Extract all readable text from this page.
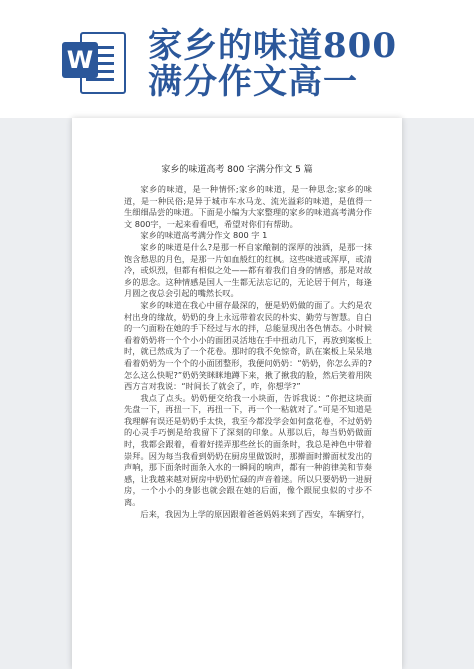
W 家乡的味道800
满分作文高一
家乡的味道高考 800 字满分作文 5 篇

家乡的味道，是一种情怀;家乡的味道，是一种思念;家乡的味道，是一种民俗;是异于城市车水马龙、流光溢彩的味道，是值得一生细细品尝的味道。下面是小编为大家整理的家乡的味道高考满分作文 800字，一起来看看吧，希望对你们有帮助。

家乡的味道高考满分作文 800 字 1

家乡的味道是什么?是那一杯自家酿制的深厚的浊酒，是那一抹饱含愁思的月色，是那一片如血般红的红枫。这些味道或浑厚，或清冷，或炽烈，但都有相似之处——都有着我们自身的情感，那是对故乡的思念。这种情感是国人一生都无法忘记的，无论居于何片，每逢月圆之夜总会引起的嘴然长叹。

家乡的味道在我心中留存最深的，便是奶奶做的面了。大约是农村出身的缘故，奶奶的身上永远带着农民的朴实、勤劳与智慧。自白的一勺面粉在她的手下经过与水的拌，总能显现出各色情态。小时候看着奶奶将一个个小小的面团灵活地在手中扭动几下，再放到案板上时，就已然成为了一个花卷。那时的我不免惊奇，趴在案板上呆呆地看着奶奶为一个个的小面团整形，我便问奶奶：“奶奶，你怎么弄的?怎么这么快呢?”奶奶笑眯眯地蹲下来，揪了揪我的脸，然后笑着用陕西方言对我说：“时间长了就会了，咋，你想学?”

我点了点头。奶奶便交给我一小块面，告诉我说：“你把这块面先盘一下，再扭一下，再扭一下，再一个一粘就对了。”可是不知道是我理解有误还是奶奶手太快，我至今都没学会如何盘花卷，不过奶奶的心灵手巧倒是给我留下了深刻的印象。从那以后，每当奶奶做面时，我都会跟着，看着好搓弄那些丝长的面条时，我总是神色中带着崇拜。因为每当我看到奶奶在厨房里做饭时，那擀面时擀面杖发出的声响，那下面条时面条入水的一瞬间的响声，都有一种韵律美和节奏感，让我越来越对厨房中奶奶忙碌的声音着迷。所以只要奶奶一进厨房，一个小小的身影也就会跟在她的后面，像个跟屁虫似的寸步不离。

后来，我因为上学的原因跟着爸爸妈妈来到了西安，车辆穿行，
